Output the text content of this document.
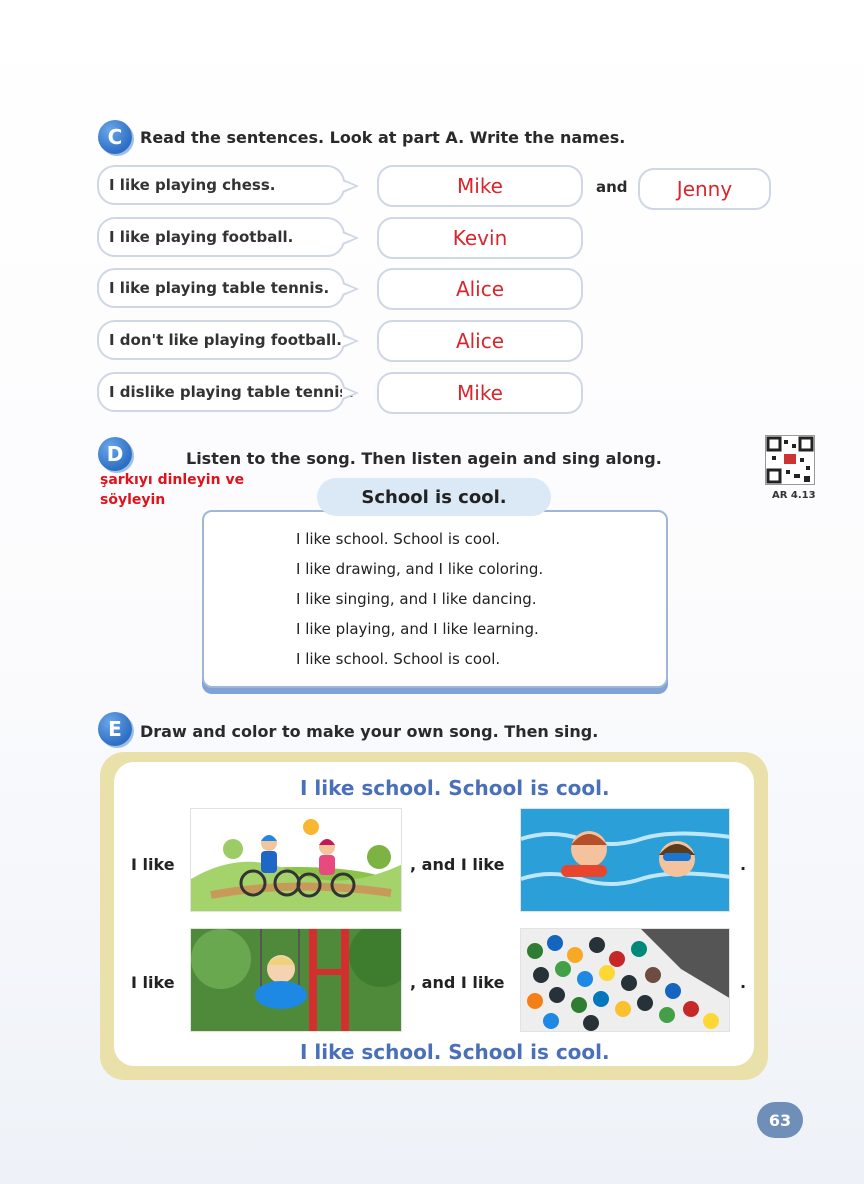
C	Read the sentences. Look at part A. Write the names.
I like playing chess.	Mike	and Jenny
I like playing football.	Kevin
I like playing table tennis.	Alice
I don't like playing football.	Alice
I dislike playing table tennis.	Mike
D	Listen to the song. Then listen agein and sing along.
şarkıyı dinleyin ve
söyleyin	AR 4.13
School is cool.
I like school. School is cool.
I like drawing, and I like coloring.
I like singing, and I like dancing.
I like playing, and I like learning.
I like school. School is cool.
E	Draw and color to make your own song. Then sing.
I like school. School is cool.
I like	, and I like	.
I like	, and I like	.
I like school. School is cool.
63
